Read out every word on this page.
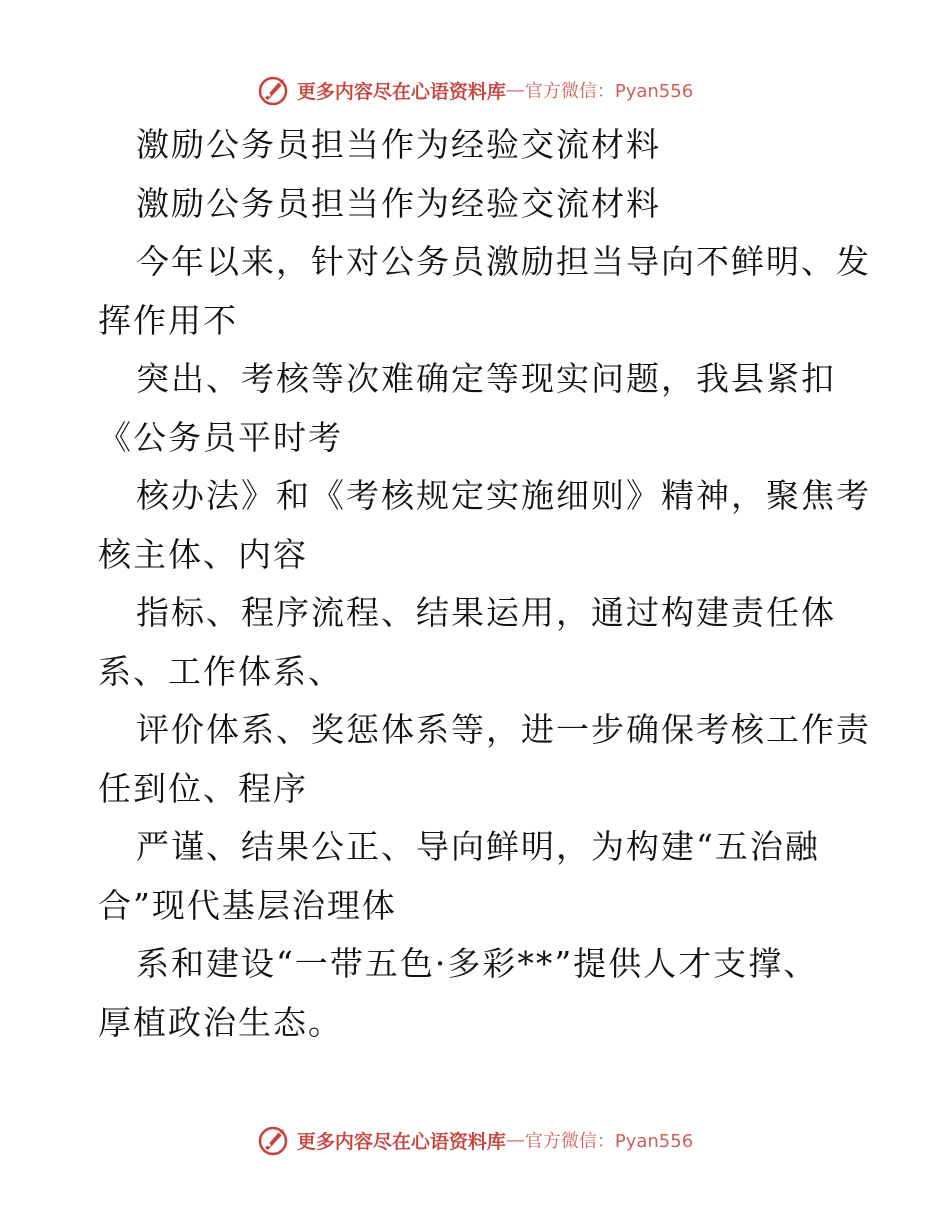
更多内容尽在心语资料库 — 官方微信：Pyan556
激励公务员担当作为经验交流材料
激励公务员担当作为经验交流材料
今年以来，针对公务员激励担当导向不鲜明、发
挥作用不
突出、考核等次难确定等现实问题，我县紧扣
《公务员平时考
核办法》和《考核规定实施细则》精神，聚焦考
核主体、内容
指标、程序流程、结果运用，通过构建责任体
系、工作体系、
评价体系、奖惩体系等，进一步确保考核工作责
任到位、程序
严谨、结果公正、导向鲜明，为构建“五治融
合”现代基层治理体
系和建设“一带五色·多彩**”提供人才支撑、
厚植政治生态。
更多内容尽在心语资料库 — 官方微信：Pyan556
